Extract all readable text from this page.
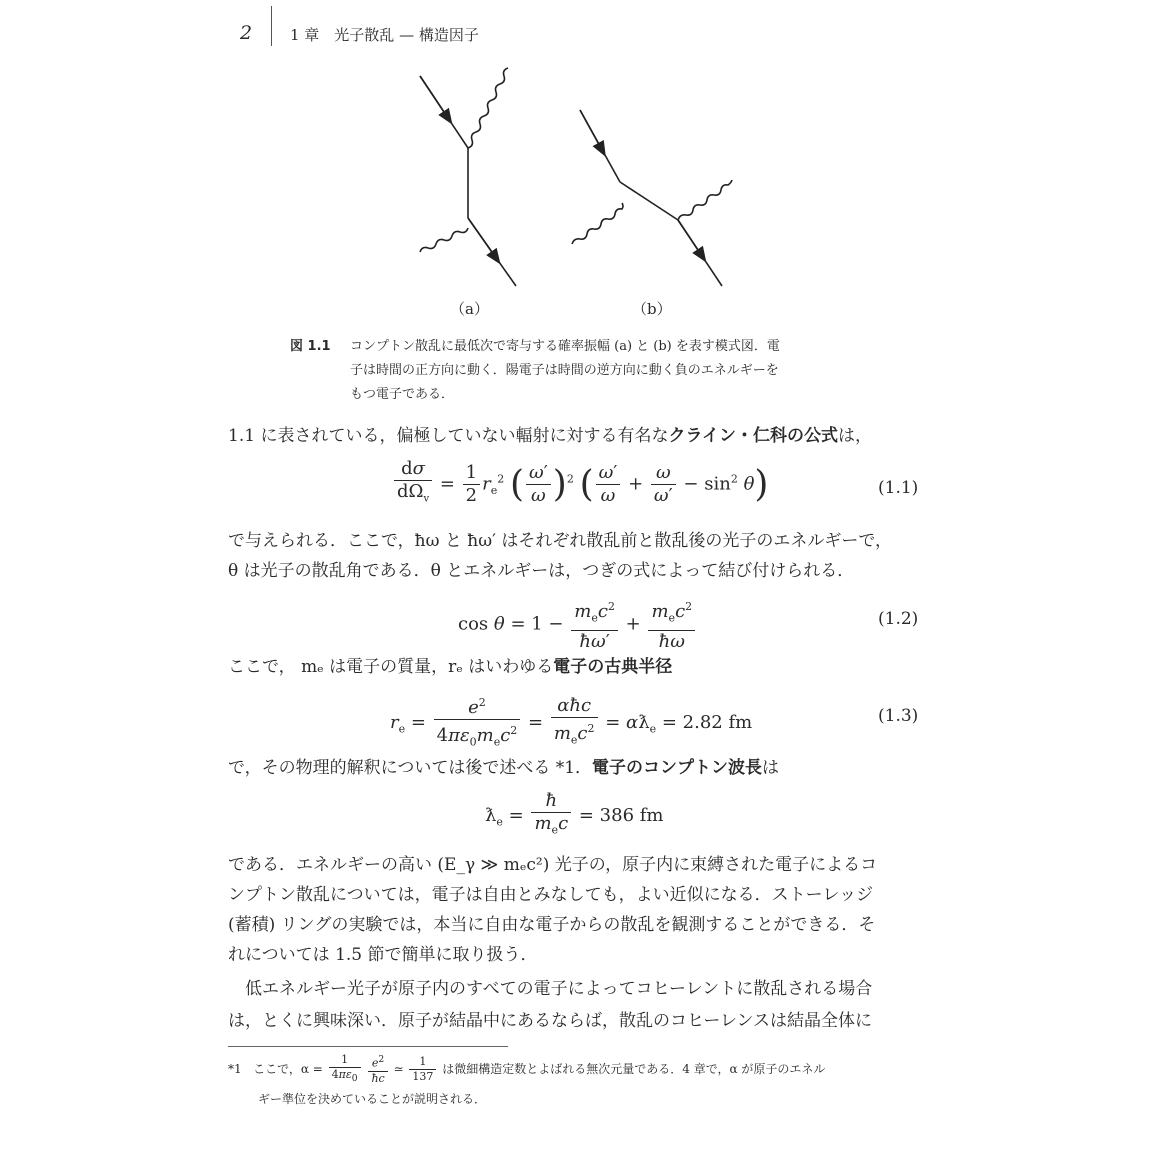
2	1 章　光子散乱 — 構造因子
（a）	（b）
図 1.1 コンプトン散乱に最低次で寄与する確率振幅 (a) と (b) を表す模式図．電
子は時間の正方向に動く．陽電子は時間の逆方向に動く負のエネルギーを
もつ電子である．
1.1 に表されている，偏極していない輻射に対する有名なクライン・仁科の公式は，
$\frac{d\sigma}{d\Omega_v} = \frac{1}{2} r_e^2$ ( $\frac{\omega'}{\omega} )^2$ ( $\frac{\omega'}{\omega} + \frac{\omega}{\omega'} - \sin^2 \theta$)	(1.1)
で与えられる．ここで，ħω と ħω′ はそれぞれ散乱前と散乱後の光子のエネルギーで，
θ は光子の散乱角である．θ とエネルギーは，つぎの式によって結び付けられる．
$\cos \theta = 1 - \frac{m_ec^2}{ħ\omega'} + \frac{m_ec^2}{ħ\omega}$	(1.2)
ここで， mₑ は電子の質量，rₑ はいわゆる電子の古典半径
$r_e = \frac{e^2}{4\pi\varepsilon_0m_ec^2} = \frac{\text{αħc}}{m_ec^2}$ = $\alpha ƛ_e = 2.82$ fm	(1.3)
で，その物理的解釈については後で述べる *1．電子のコンプトン波長は
$ƛ_e = \frac{ħ}{m_ec} = 386$ fm
である．エネルギーの高い (E_γ ≫ mₑc²) 光子の，原子内に束縛された電子によるコ
ンプトン散乱については，電子は自由とみなしても，よい近似になる．ストーレッジ
(蓄積) リングの実験では，本当に自由な電子からの散乱を観測することができる．そ
れについては 1.5 節で簡単に取り扱う．
　低エネルギー光子が原子内のすべての電子によってコヒーレントに散乱される場合
は，とくに興味深い．原子が結晶中にあるならば，散乱のコヒーレンスは結晶全体に
*1 ここで，$\alpha = \frac{1}{4\pi\varepsilon_0}$
$\frac{e^2}{ħc}$ ≃ $\frac{1}{137}$ は微細構造定数とよばれる無次元量である．4 章で，α が原子のエネル
ギー準位を決めていることが説明される．
